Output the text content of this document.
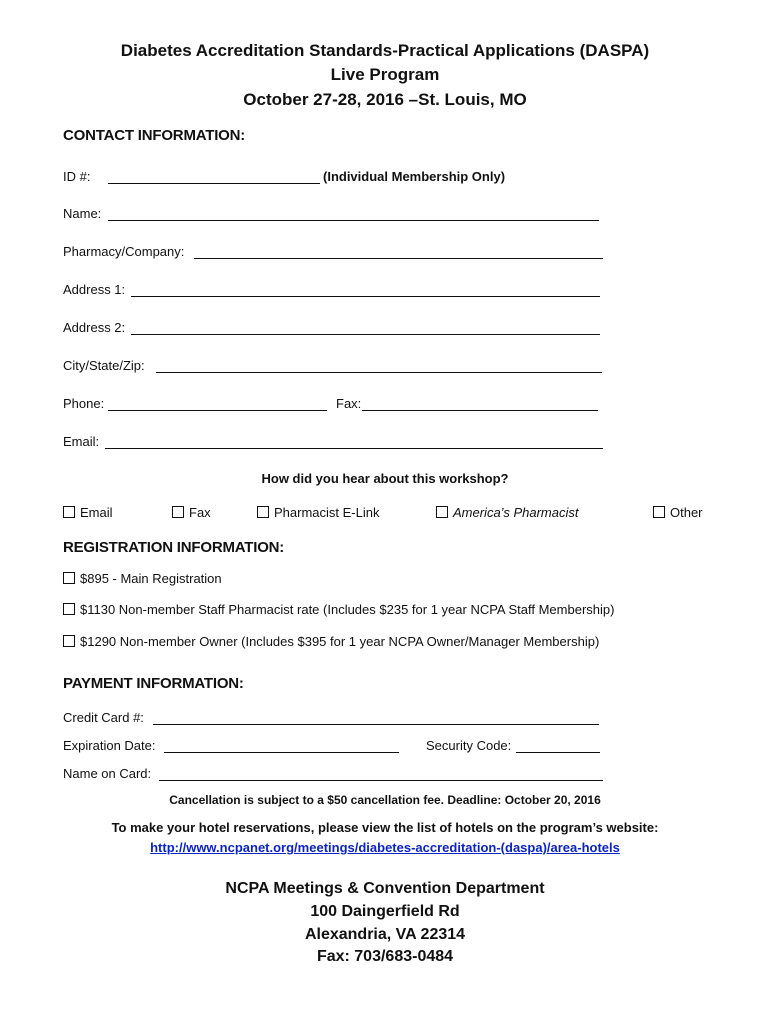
Diabetes Accreditation Standards-Practical Applications (DASPA)
Live Program
October 27-28, 2016 –St. Louis, MO
CONTACT INFORMATION:
ID #:	(Individual Membership Only)
Name:
Pharmacy/Company:
Address 1:
Address 2:
City/State/Zip:
Phone:	Fax:
Email:
How did you hear about this workshop?
Email	Fax	Pharmacist E-Link	America’s Pharmacist	Other
REGISTRATION INFORMATION:
$895 - Main Registration
$1130 Non-member Staff Pharmacist rate (Includes $235 for 1 year NCPA Staff Membership)
$1290 Non-member Owner (Includes $395 for 1 year NCPA Owner/Manager Membership)
PAYMENT INFORMATION:
Credit Card #:
Expiration Date:	Security Code:
Name on Card:
Cancellation is subject to a $50 cancellation fee. Deadline: October 20, 2016
To make your hotel reservations, please view the list of hotels on the program’s website:
http://www.ncpanet.org/meetings/diabetes-accreditation-(daspa)/area-hotels
NCPA Meetings & Convention Department
100 Daingerfield Rd
Alexandria, VA 22314
Fax: 703/683-0484
